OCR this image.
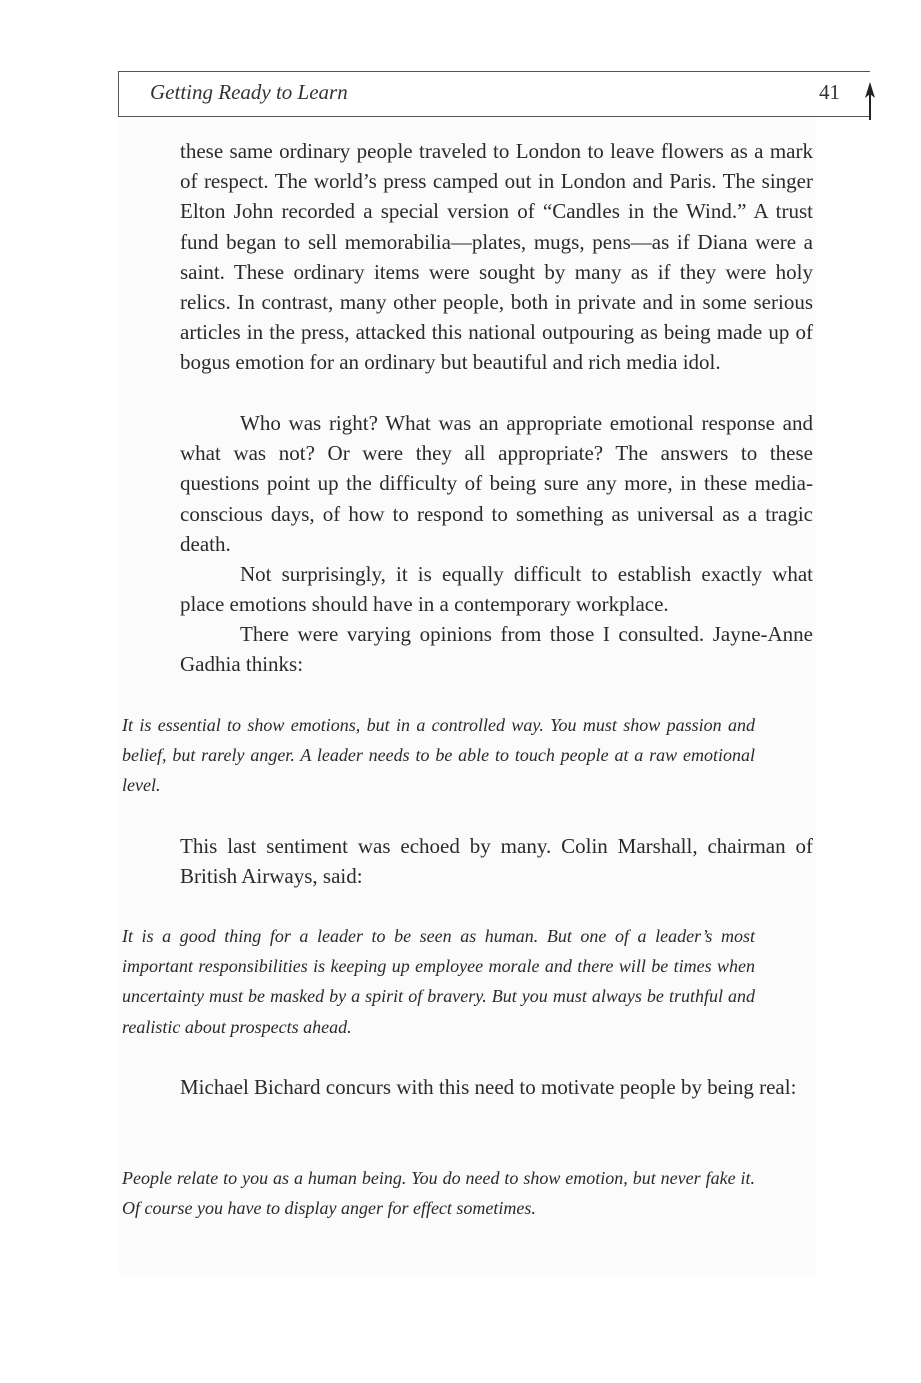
Getting Ready to Learn	41

these same ordinary people traveled to London to leave flowers as a mark of respect. The world’s press camped out in London and Paris. The singer Elton John recorded a special version of “Candles in the Wind.” A trust fund began to sell memorabilia—plates, mugs, pens—as if Diana were a saint. These ordinary items were sought by many as if they were holy relics. In contrast, many other people, both in private and in some serious articles in the press, attacked this national outpouring as being made up of bogus emotion for an ordinary but beautiful and rich media idol.

Who was right? What was an appropriate emotional response and what was not? Or were they all appropriate? The answers to these questions point up the difficulty of being sure any more, in these media-conscious days, of how to respond to something as universal as a tragic death.

Not surprisingly, it is equally difficult to establish exactly what place emotions should have in a contemporary workplace.

There were varying opinions from those I consulted. Jayne-Anne Gadhia thinks:

It is essential to show emotions, but in a controlled way. You must show passion and belief, but rarely anger. A leader needs to be able to touch people at a raw emotional level.

This last sentiment was echoed by many. Colin Marshall, chairman of British Airways, said:

It is a good thing for a leader to be seen as human. But one of a leader’s most important responsibilities is keeping up employee morale and there will be times when uncertainty must be masked by a spirit of bravery. But you must always be truthful and realistic about prospects ahead.

Michael Bichard concurs with this need to motivate people by being real:

People relate to you as a human being. You do need to show emotion, but never fake it. Of course you have to display anger for effect sometimes.
